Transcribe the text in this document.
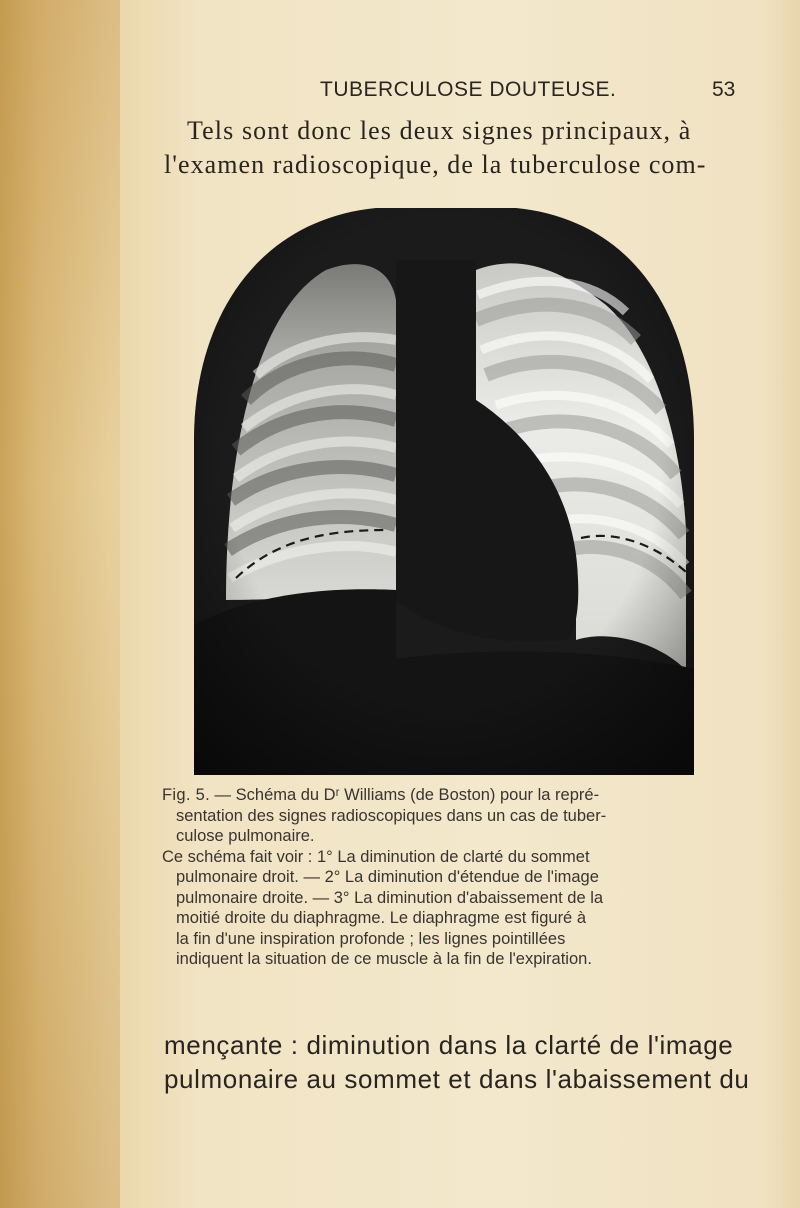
TUBERCULOSE DOUTEUSE.	53
Tels sont donc les deux signes principaux, à
l'examen radioscopique, de la tuberculose com-

Fig. 5. — Schéma du Dʳ Williams (de Boston) pour la repré-

sentation des signes radioscopiques dans un cas de tuber-

culose pulmonaire.

Ce schéma fait voir : 1° La diminution de clarté du sommet

pulmonaire droit. — 2° La diminution d'étendue de l'image

pulmonaire droite. — 3° La diminution d'abaissement de la

moitié droite du diaphragme. Le diaphragme est figuré à

la fin d'une inspiration profonde ; les lignes pointillées

indiquent la situation de ce muscle à la fin de l'expiration.

mençante : diminution dans la clarté de l'image
pulmonaire au sommet et dans l'abaissement du
